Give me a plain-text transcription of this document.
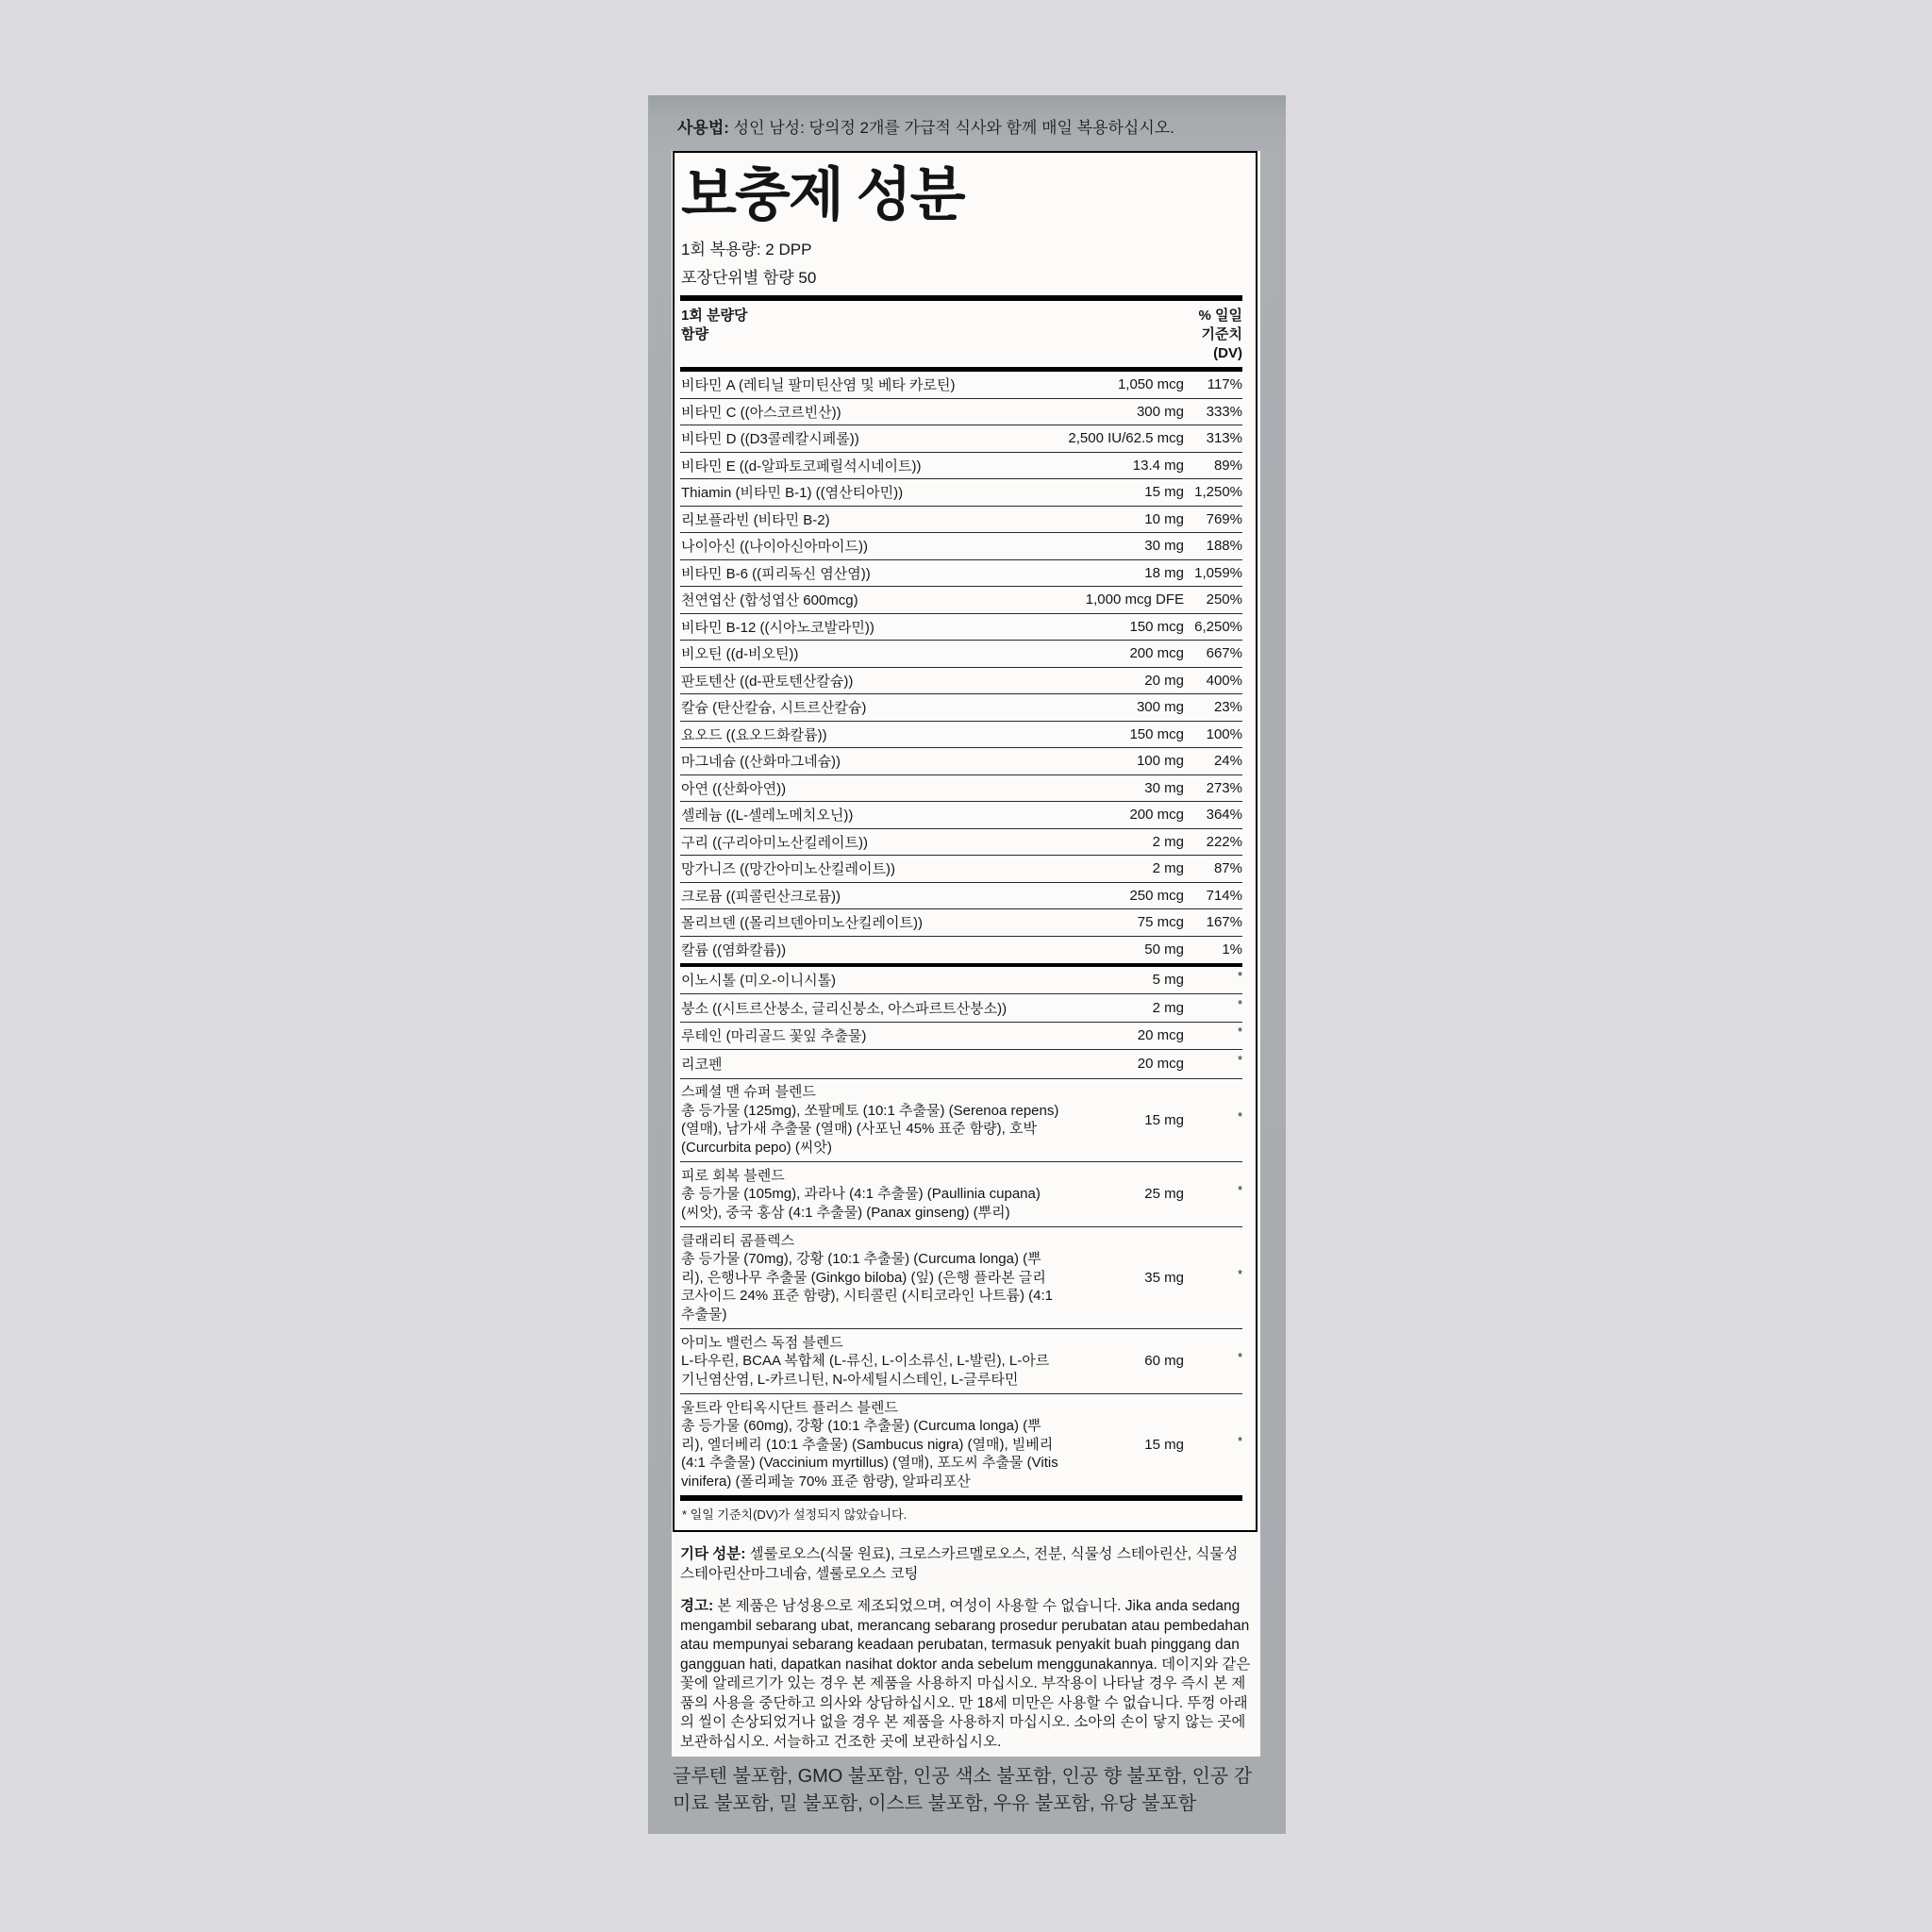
사용법: 성인 남성: 당의정 2개를 가급적 식사와 함께 매일 복용하십시오.
보충제 성분
1회 복용량: 2 DPP
포장단위별 함량 50
1회 분량당
함량
% 일일
기준치
(DV)
비타민 A (레티닐 팔미틴산염 및 베타 카로틴)	1,050 mcg	117%
비타민 C ((아스코르빈산))	300 mg	333%
비타민 D ((D3콜레칼시페롤))	2,500 IU/62.5 mcg	313%
비타민 E ((d-알파토코페릴석시네이트))	13.4 mg	89%
Thiamin (비타민 B-1) ((염산티아민))	15 mg 1,250%
리보플라빈 (비타민 B-2)	10 mg	769%
나이아신 ((나이아신아마이드))	30 mg	188%
비타민 B-6 ((피리독신 염산염))	18 mg 1,059%
천연엽산 (합성엽산 600mcg)	1,000 mcg DFE	250%
비타민 B-12 ((시아노코발라민))	150 mcg 6,250%
비오틴 ((d-비오틴))	200 mcg	667%
판토텐산 ((d-판토텐산칼슘))	20 mg	400%
칼슘 (탄산칼슘, 시트르산칼슘)	300 mg	23%
요오드 ((요오드화칼륨))	150 mcg	100%
마그네슘 ((산화마그네슘))	100 mg	24%
아연 ((산화아연))	30 mg	273%
셀레늄 ((L-셀레노메치오닌))	200 mcg	364%
구리 ((구리아미노산킬레이트))	2 mg	222%
망가니즈 ((망간아미노산킬레이트))	2 mg	87%
크로뮴 ((피콜린산크로뮴))	250 mcg	714%
몰리브덴 ((몰리브덴아미노산킬레이트))	75 mcg	167%
칼륨 ((염화칼륨))	50 mg	1%
이노시톨 (미오-이니시톨)	5 mg	*
붕소 ((시트르산붕소, 글리신붕소, 아스파르트산붕소))	2 mg	*
루테인 (마리골드 꽃잎 추출물)	20 mcg	*
리코펜	20 mcg	*
스페셜 맨 슈퍼 블렌드
총 등가물 (125mg), 쏘팔메토 (10:1 추출물) (Serenoa repens) (열매), 남가새 추출물 (열매) (사포닌 45% 표준 함량), 호박 (Curcurbita pepo) (씨앗)
15 mg	*
피로 회복 블렌드
총 등가물 (105mg), 과라나 (4:1 추출물) (Paullinia cupana) (씨앗), 중국 홍삼 (4:1 추출물) (Panax ginseng) (뿌리)
25 mg	*
클래리티 콤플렉스
총 등가물 (70mg), 강황 (10:1 추출물) (Curcuma longa) (뿌리), 은행나무 추출물 (Ginkgo biloba) (잎) (은행 플라본 글리코사이드 24% 표준 함량), 시티콜린 (시티코라인 나트륨) (4:1 추출물)
35 mg	*
아미노 밸런스 독점 블렌드
L-타우린, BCAA 복합체 (L-류신, L-이소류신, L-발린), L-아르기닌염산염, L-카르니틴, N-아세틸시스테인, L-글루타민
60 mg	*
울트라 안티옥시단트 플러스 블렌드
총 등가물 (60mg), 강황 (10:1 추출물) (Curcuma longa) (뿌리), 엘더베리 (10:1 추출물) (Sambucus nigra) (열매), 빌베리 (4:1 추출물) (Vaccinium myrtillus) (열매), 포도씨 추출물 (Vitis vinifera) (폴리페놀 70% 표준 함량), 알파리포산
15 mg	*
* 일일 기준치(DV)가 설정되지 않았습니다.

기타 성분: 셀룰로오스(식물 원료), 크로스카르멜로오스, 전분, 식물성 스테아린산, 식물성 스테아린산마그네슘, 셀룰로오스 코팅

경고: 본 제품은 남성용으로 제조되었으며, 여성이 사용할 수 없습니다. Jika anda sedang mengambil sebarang ubat, merancang sebarang prosedur perubatan atau pembedahan atau mempunyai sebarang keadaan perubatan, termasuk penyakit buah pinggang dan gangguan hati, dapatkan nasihat doktor anda sebelum menggunakannya. 데이지와 같은 꽃에 알레르기가 있는 경우 본 제품을 사용하지 마십시오. 부작용이 나타날 경우 즉시 본 제품의 사용을 중단하고 의사와 상담하십시오. 만 18세 미만은 사용할 수 없습니다. 뚜껑 아래의 씰이 손상되었거나 없을 경우 본 제품을 사용하지 마십시오. 소아의 손이 닿지 않는 곳에 보관하십시오. 서늘하고 건조한 곳에 보관하십시오.

글루텐 불포함, GMO 불포함, 인공 색소 불포함, 인공 향 불포함, 인공 감미료 불포함, 밀 불포함, 이스트 불포함, 우유 불포함, 유당 불포함
